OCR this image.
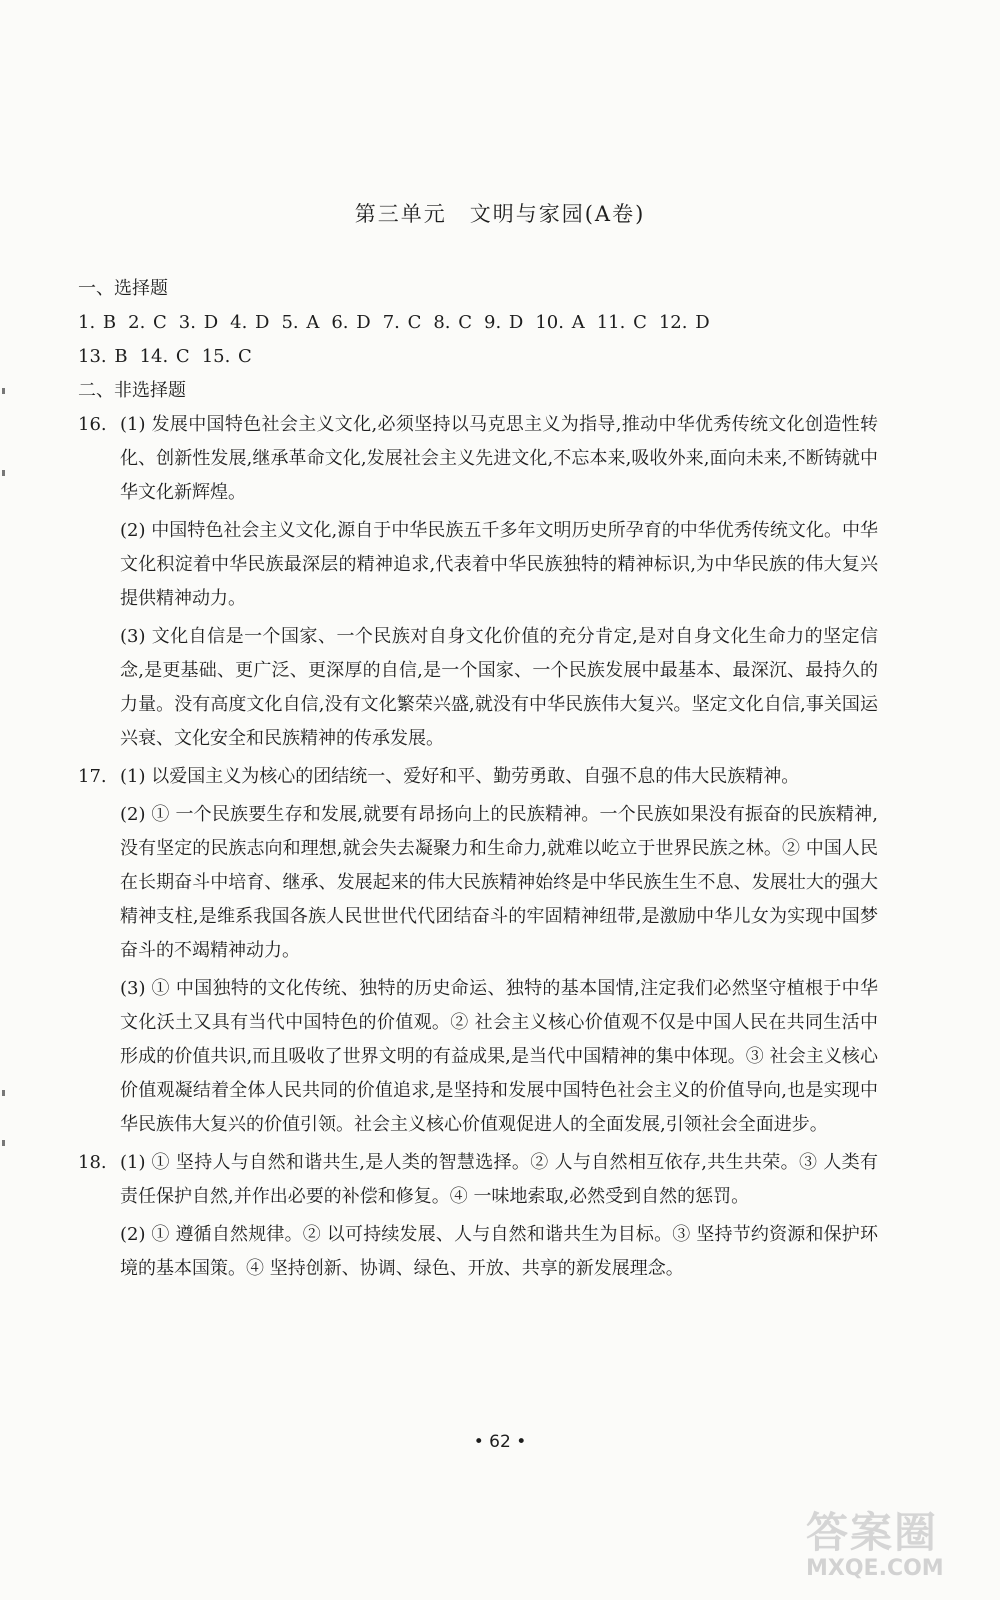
第三单元　文明与家园(A卷)

一、选择题

1. B 2. C 3. D 4. D 5. A 6. D 7. C 8. C 9. D 10. A 11. C 12. D

13. B 14. C 15. C

二、非选择题

16. (1) 发展中国特色社会主义文化,必须坚持以马克思主义为指导,推动中华优秀传统文化创造性转化、创新性发展,继承革命文化,发展社会主义先进文化,不忘本来,吸收外来,面向未来,不断铸就中华文化新辉煌。

(2) 中国特色社会主义文化,源自于中华民族五千多年文明历史所孕育的中华优秀传统文化。中华文化积淀着中华民族最深层的精神追求,代表着中华民族独特的精神标识,为中华民族的伟大复兴提供精神动力。

(3) 文化自信是一个国家、一个民族对自身文化价值的充分肯定,是对自身文化生命力的坚定信念,是更基础、更广泛、更深厚的自信,是一个国家、一个民族发展中最基本、最深沉、最持久的力量。没有高度文化自信,没有文化繁荣兴盛,就没有中华民族伟大复兴。坚定文化自信,事关国运兴衰、文化安全和民族精神的传承发展。

17. (1) 以爱国主义为核心的团结统一、爱好和平、勤劳勇敢、自强不息的伟大民族精神。

(2) ① 一个民族要生存和发展,就要有昂扬向上的民族精神。一个民族如果没有振奋的民族精神,没有坚定的民族志向和理想,就会失去凝聚力和生命力,就难以屹立于世界民族之林。② 中国人民在长期奋斗中培育、继承、发展起来的伟大民族精神始终是中华民族生生不息、发展壮大的强大精神支柱,是维系我国各族人民世世代代团结奋斗的牢固精神纽带,是激励中华儿女为实现中国梦奋斗的不竭精神动力。

(3) ① 中国独特的文化传统、独特的历史命运、独特的基本国情,注定我们必然坚守植根于中华文化沃土又具有当代中国特色的价值观。② 社会主义核心价值观不仅是中国人民在共同生活中形成的价值共识,而且吸收了世界文明的有益成果,是当代中国精神的集中体现。③ 社会主义核心价值观凝结着全体人民共同的价值追求,是坚持和发展中国特色社会主义的价值导向,也是实现中华民族伟大复兴的价值引领。社会主义核心价值观促进人的全面发展,引领社会全面进步。

18. (1) ① 坚持人与自然和谐共生,是人类的智慧选择。② 人与自然相互依存,共生共荣。③ 人类有责任保护自然,并作出必要的补偿和修复。④ 一味地索取,必然受到自然的惩罚。

(2) ① 遵循自然规律。② 以可持续发展、人与自然和谐共生为目标。③ 坚持节约资源和保护环境的基本国策。④ 坚持创新、协调、绿色、开放、共享的新发展理念。

• 62 •
答案圈
MXQE.COM
